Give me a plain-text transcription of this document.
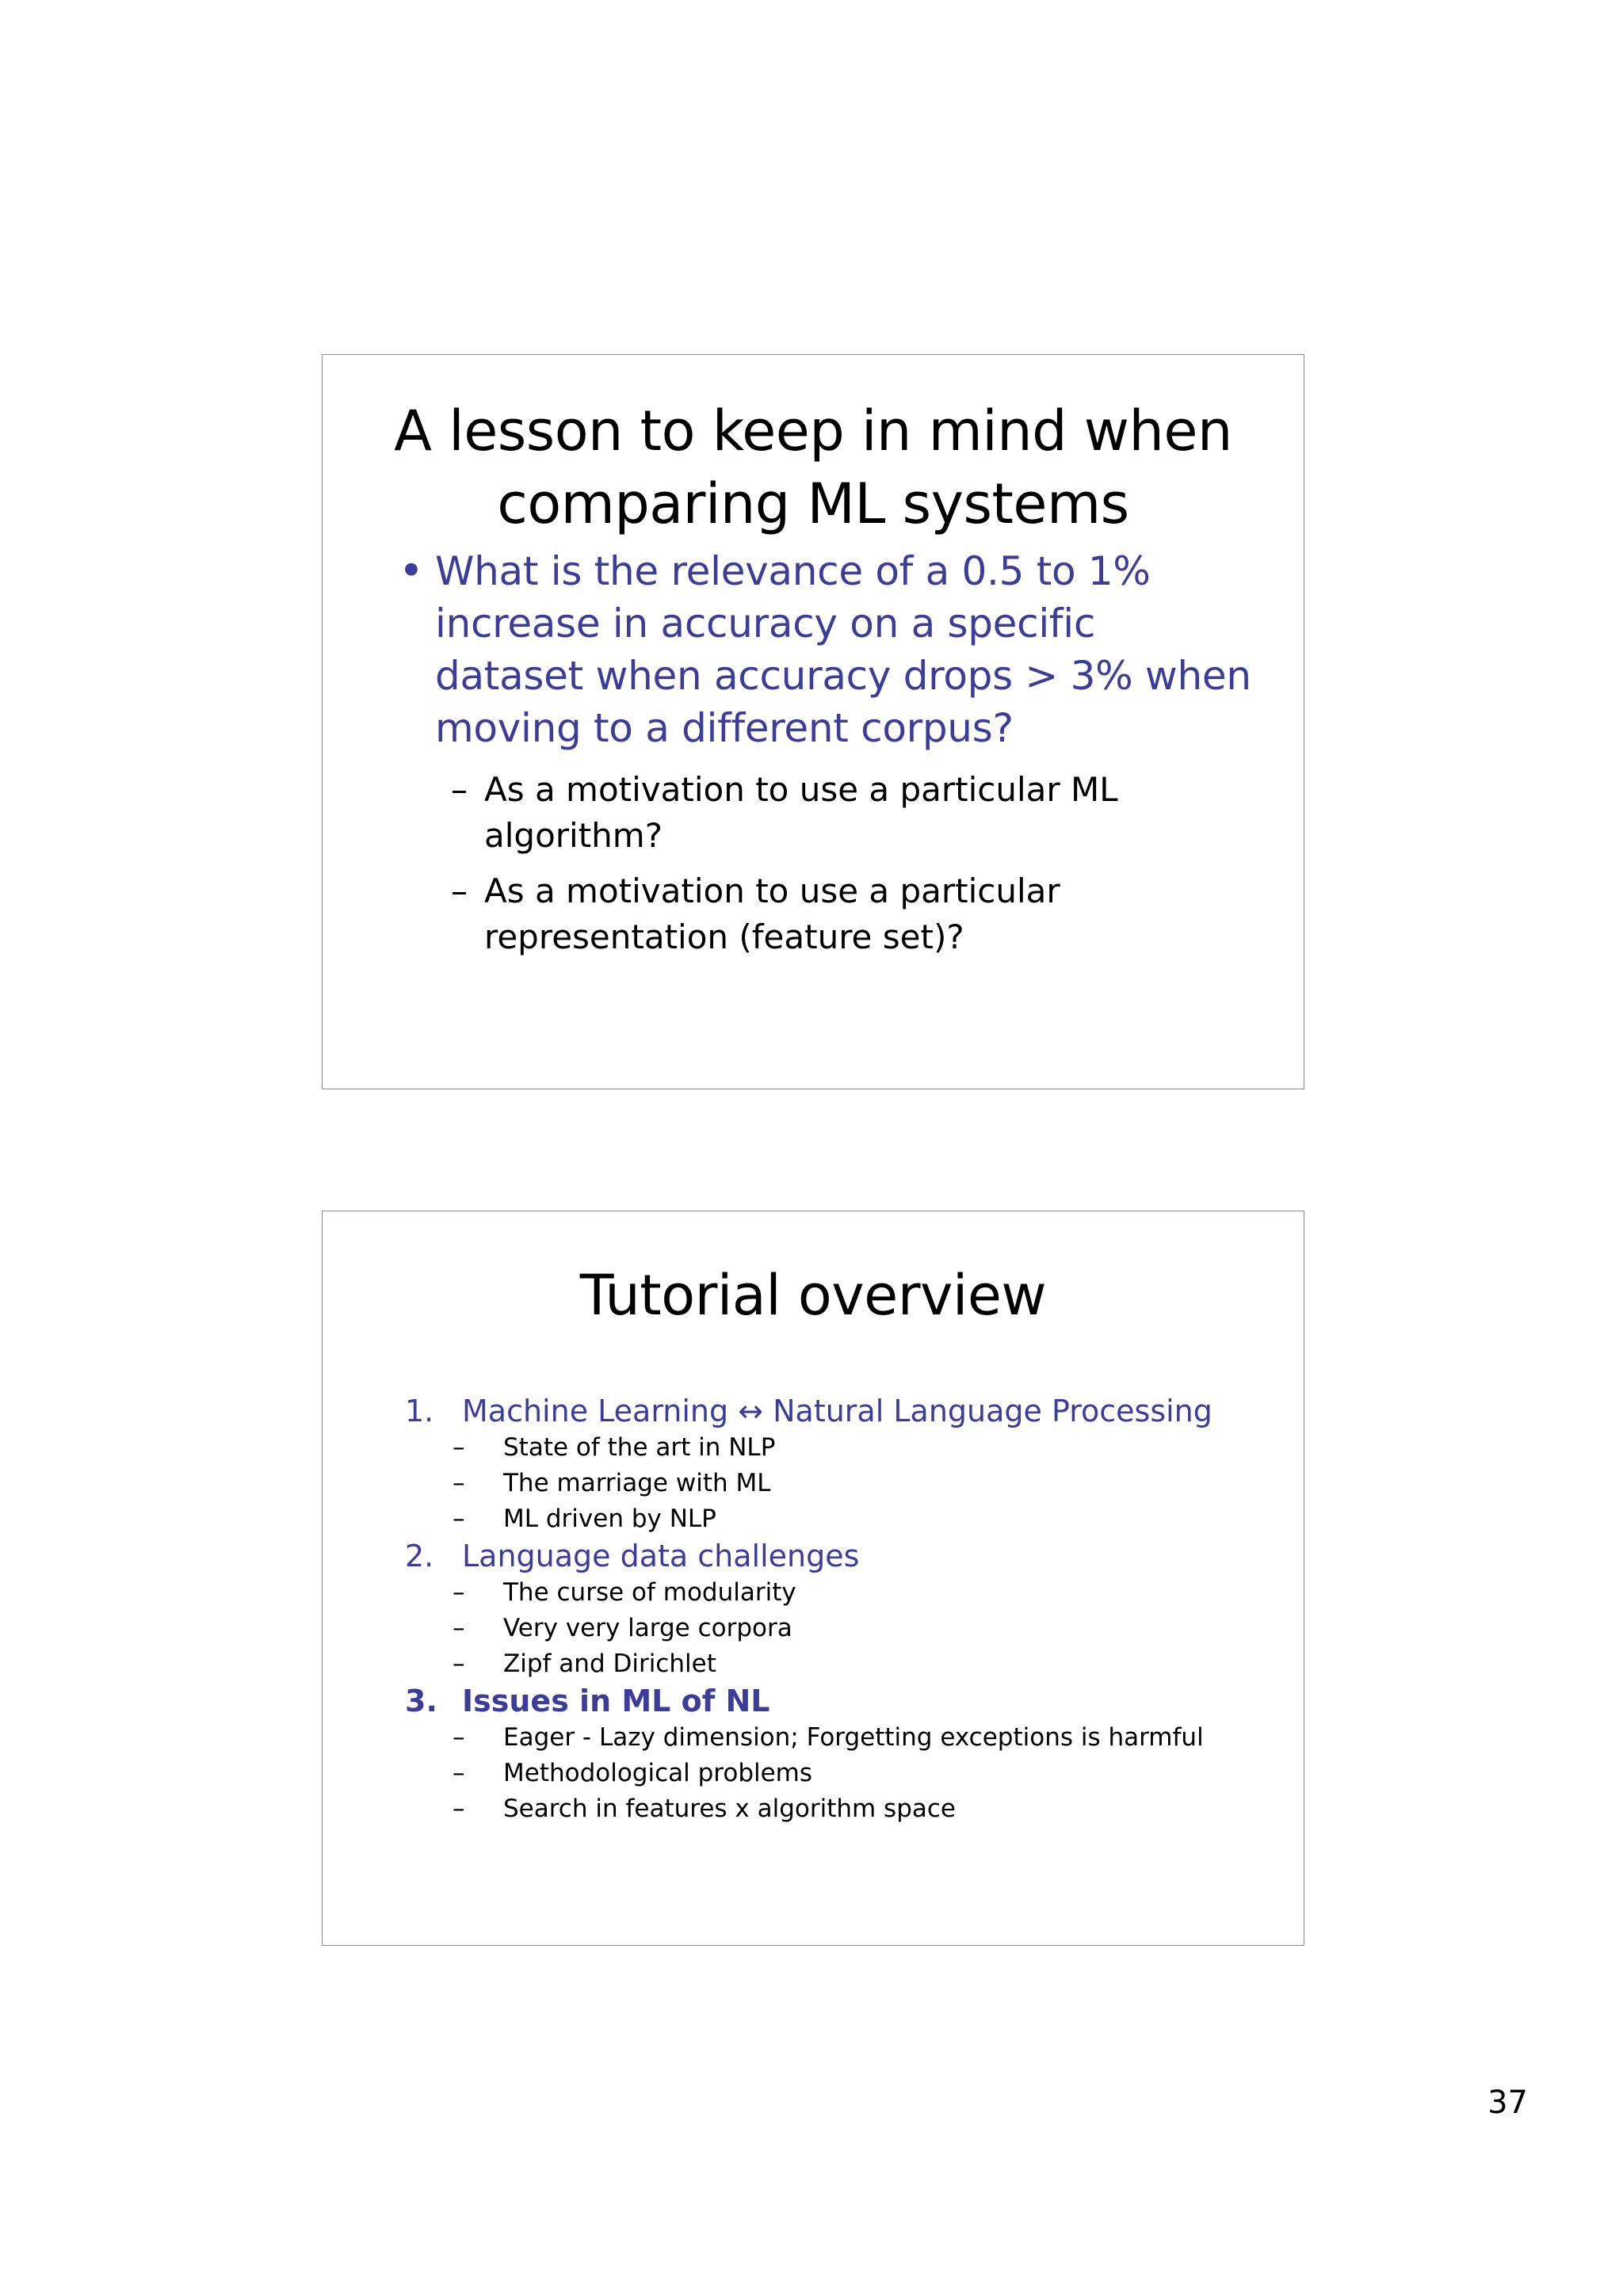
A lesson to keep in mind when
comparing ML systems
• What is the relevance of a 0.5 to 1% increase in accuracy on a specific dataset when accuracy drops > 3% when moving to a different corpus?
– As a motivation to use a particular ML algorithm?
– As a motivation to use a particular representation (feature set)?
Tutorial overview
1. Machine Learning ↔ Natural Language Processing
– State of the art in NLP
– The marriage with ML
– ML driven by NLP
2. Language data challenges
– The curse of modularity
– Very very large corpora
– Zipf and Dirichlet
3. Issues in ML of NL
– Eager - Lazy dimension; Forgetting exceptions is harmful
– Methodological problems
– Search in features x algorithm space
37
